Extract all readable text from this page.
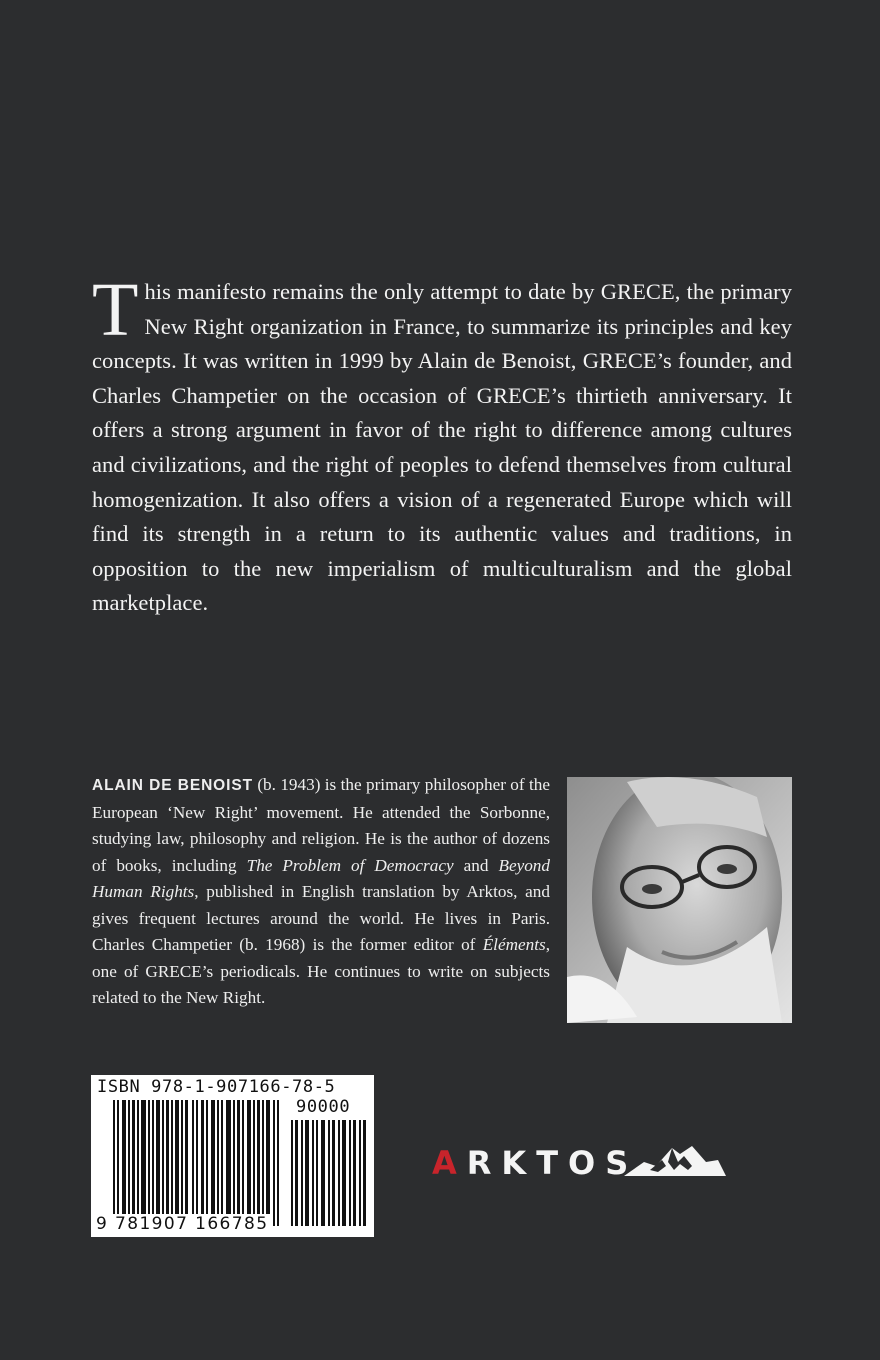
This manifesto remains the only attempt to date by GRECE, the primary New Right organization in France, to summarize its principles and key concepts. It was written in 1999 by Alain de Benoist, GRECE’s founder, and Charles Champetier on the occasion of GRECE’s thirtieth anniversary. It offers a strong argument in favor of the right to difference among cultures and civilizations, and the right of peoples to defend themselves from cultural homogenization. It also offers a vision of a regenerated Europe which will find its strength in a return to its authentic values and traditions, in opposition to the new imperialism of multiculturalism and the global marketplace.
ALAIN DE BENOIST (b. 1943) is the primary philosopher of the European ‘New Right’ movement. He attended the Sorbonne, studying law, philosophy and religion. He is the author of dozens of books, including The Problem of Democracy and Beyond Human Rights, published in English translation by Arktos, and gives frequent lectures around the world. He lives in Paris. Charles Champetier (b. 1968) is the former editor of Éléments, one of GRECE’s periodicals. He continues to write on subjects related to the New Right.
ISBN 978-1-907166-78-5
90000
9 781907 166785
ARKTOS
